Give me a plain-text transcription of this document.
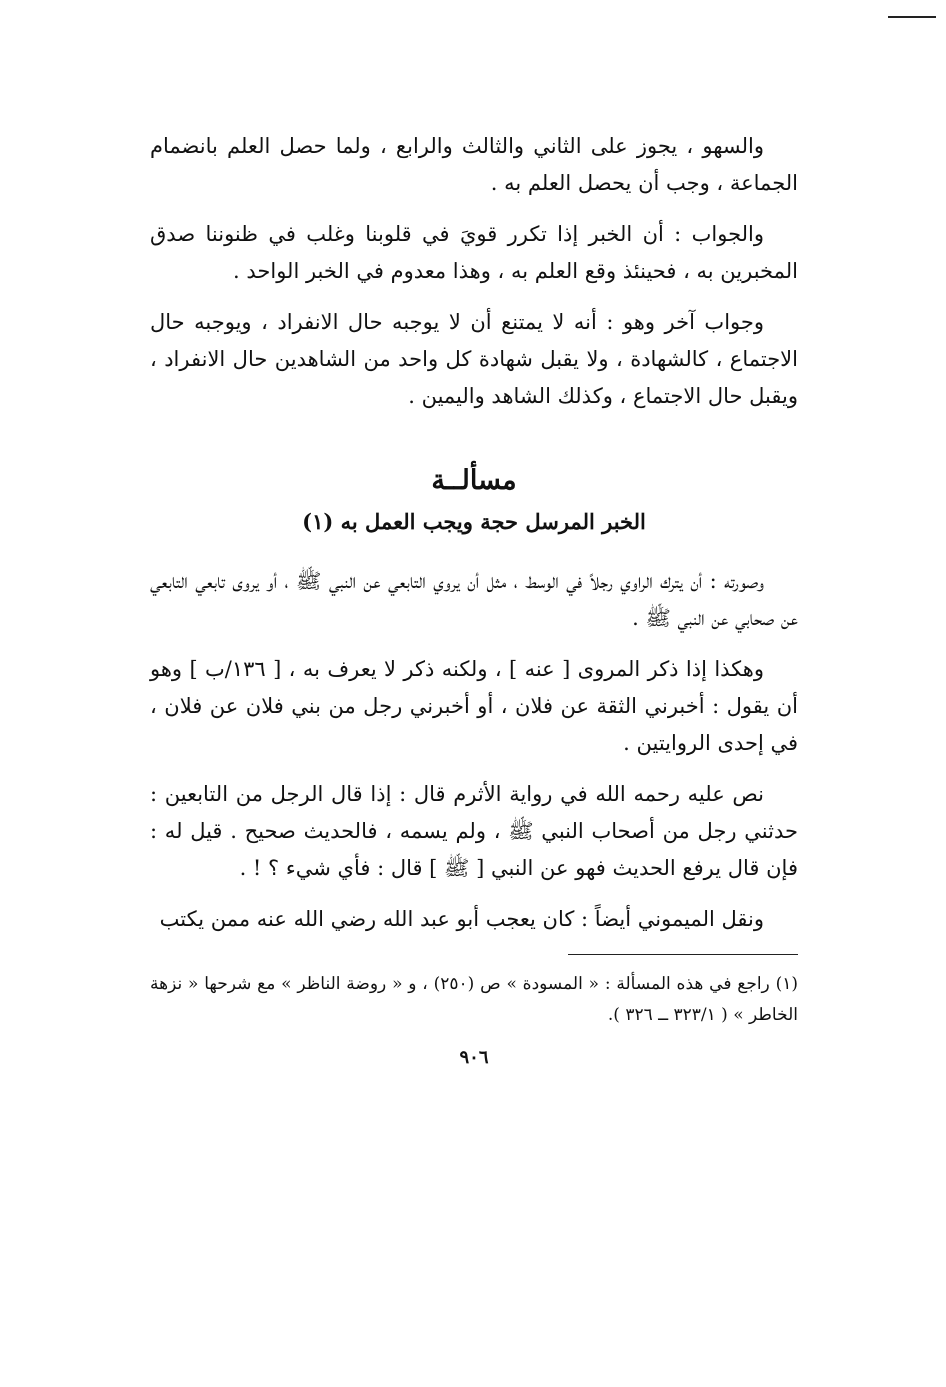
والسهو ، يجوز على الثاني والثالث والرابع ، ولما حصل العلم بانضمام الجماعة ، وجب أن يحصل العلم به .

والجواب : أن الخبر إذا تكرر قويَ في قلوبنا وغلب في ظنوننا صدق المخبرين به ، فحينئذ وقع العلم به ، وهذا معدوم في الخبر الواحد .

وجواب آخر وهو : أنه لا يمتنع أن لا يوجبه حال الانفراد ، ويوجبه حال الاجتماع ، كالشهادة ، ولا يقبل شهادة كل واحد من الشاهدين حال الانفراد ، ويقبل حال الاجتماع ، وكذلك الشاهد واليمين .

مسألــة
الخبر المرسل حجة ويجب العمل به (١)

وصورته : أن يترك الراوي رجلاً في الوسط ، مثل أن يروي التابعي عن النبي ﷺ ، أو يروى تابعي التابعي عن صحابي عن النبي ﷺ .

وهكذا إذا ذكر المروى [ عنه ] ، ولكنه ذكر لا يعرف به ، [ ١٣٦/ب ] وهو أن يقول : أخبرني الثقة عن فلان ، أو أخبرني رجل من بني فلان عن فلان ، في إحدى الروايتين .

نص عليه رحمه الله في رواية الأثرم قال : إذا قال الرجل من التابعين : حدثني رجل من أصحاب النبي ﷺ ، ولم يسمه ، فالحديث صحيح . قيل له : فإن قال يرفع الحديث فهو عن النبي [ ﷺ ] قال : فأي شيء ؟ ! .

ونقل الميموني أيضاً : كان يعجب أبو عبد الله رضي الله عنه ممن يكتب

(١) راجع في هذه المسألة : « المسودة » ص (٢٥٠) ، و « روضة الناظر » مع شرحها « نزهة الخاطر » ( ٣٢٣/١ ــ ٣٢٦ ).

٩٠٦
